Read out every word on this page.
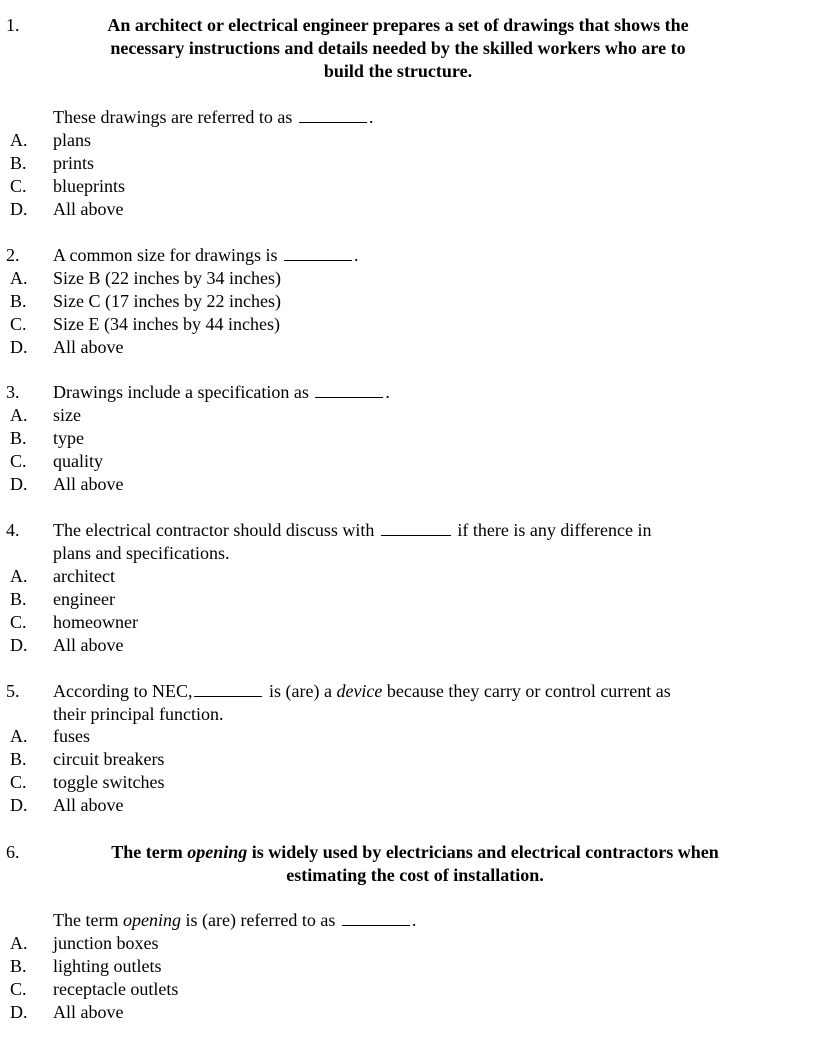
1.	An architect or electrical engineer prepares a set of drawings that shows the
necessary instructions and details needed by the skilled workers who are to
build the structure.
These drawings are referred to as	.
A.	plans
B.	prints
C.	blueprints
D.	All above
2. A common size for drawings is	.
A.	Size B (22 inches by 34 inches)
B.	Size C (17 inches by 22 inches)
C.	Size E (34 inches by 44 inches)
D.	All above
3. Drawings include a specification as	.
A.	size
B.	type
C.	quality
D.	All above
4. The electrical contractor should discuss with	if there is any difference in
plans and specifications.
A.	architect
B.	engineer
C.	homeowner
D.	All above
5. According to NEC,	is (are) a device because they carry or control current as
their principal function.
A.	fuses
B.	circuit breakers
C.	toggle switches
D.	All above
6.	The term opening is widely used by electricians and electrical contractors when
estimating the cost of installation.
The term opening is (are) referred to as	.
A.	junction boxes
B.	lighting outlets
C.	receptacle outlets
D.	All above
